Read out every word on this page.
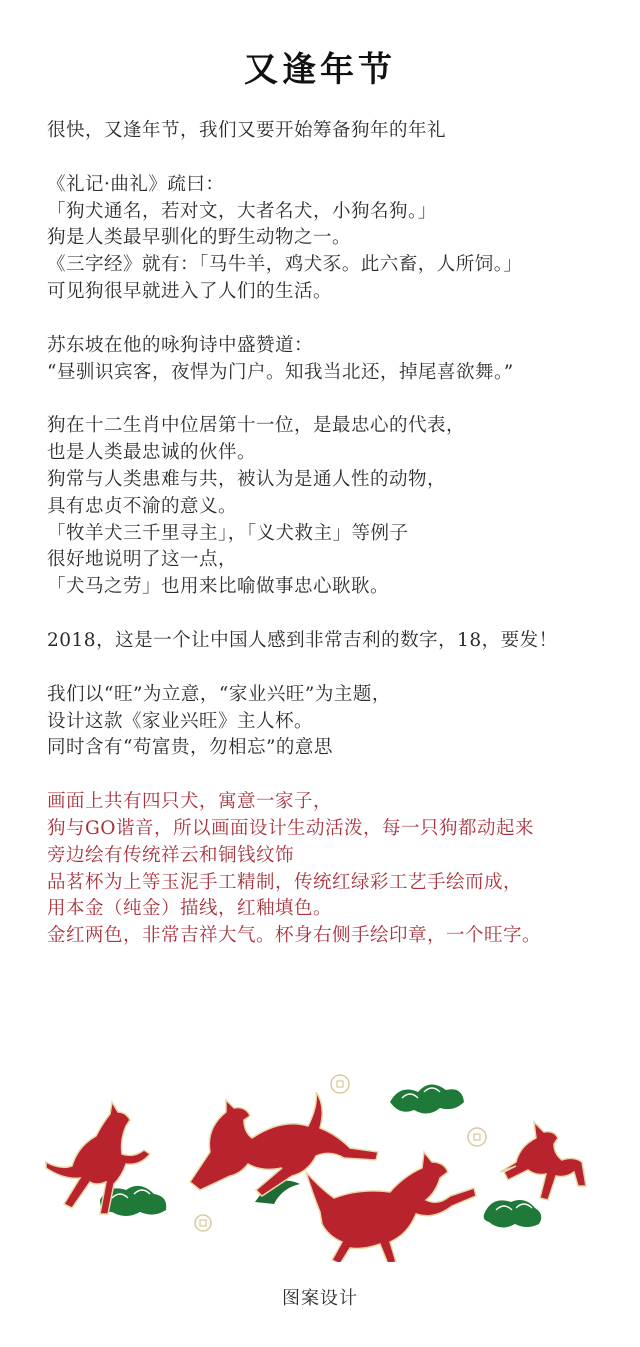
又逢年节
很快，又逢年节，我们又要开始筹备狗年的年礼
《礼记·曲礼》疏曰：
「狗犬通名，若对文，大者名犬，小狗名狗。」
狗是人类最早驯化的野生动物之一。
《三字经》就有：「马牛羊，鸡犬豕。此六畜，人所饲。」
可见狗很早就进入了人们的生活。
苏东坡在他的咏狗诗中盛赞道：
“昼驯识宾客，夜悍为门户。知我当北还，掉尾喜欲舞。”
狗在十二生肖中位居第十一位，是最忠心的代表，
也是人类最忠诚的伙伴。
狗常与人类患难与共，被认为是通人性的动物，
具有忠贞不渝的意义。
「牧羊犬三千里寻主」，「义犬救主」等例子
很好地说明了这一点，
「犬马之劳」也用来比喻做事忠心耿耿。
2018，这是一个让中国人感到非常吉利的数字，18，要发！
我们以“旺”为立意，“家业兴旺”为主题，
设计这款《家业兴旺》主人杯。
同时含有“苟富贵，勿相忘”的意思
画面上共有四只犬，寓意一家子，
狗与GO谐音，所以画面设计生动活泼，每一只狗都动起来
旁边绘有传统祥云和铜钱纹饰
品茗杯为上等玉泥手工精制，传统红绿彩工艺手绘而成，
用本金（纯金）描线，红釉填色。
金红两色，非常吉祥大气。杯身右侧手绘印章，一个旺字。
图案设计
